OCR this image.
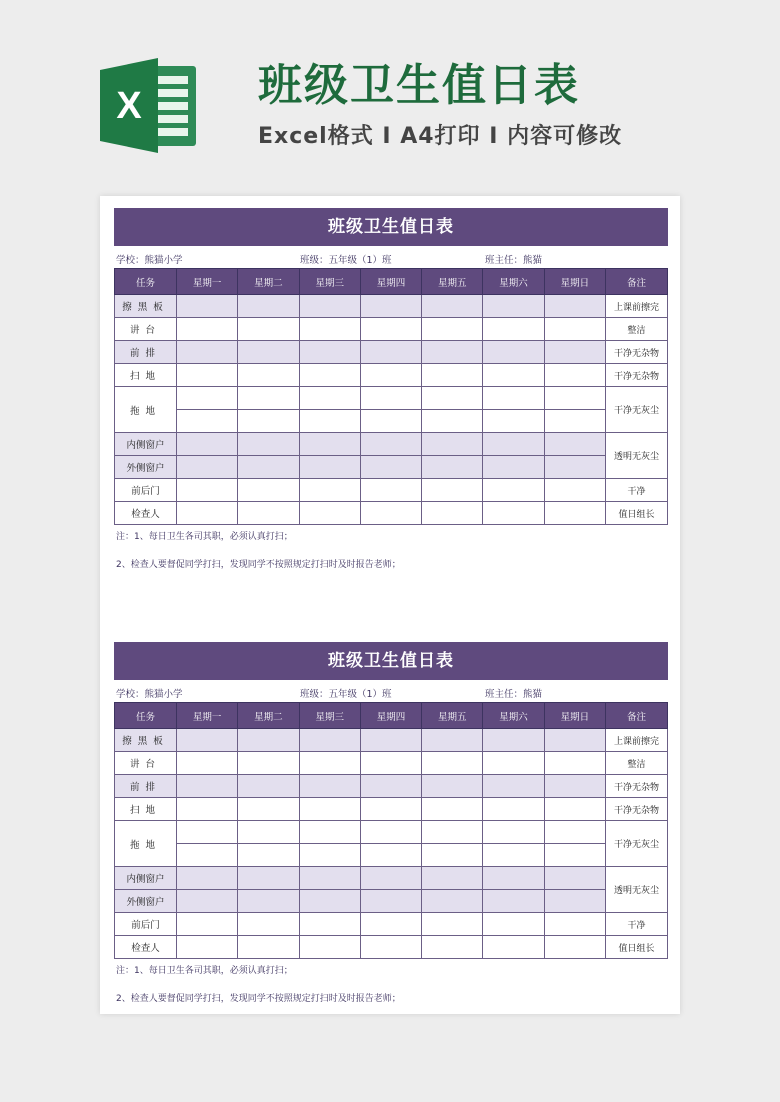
X	班级卫生值日表
Excel格式 I A4打印 I 内容可修改
班级卫生值日表
学校：熊猫小学	班级：五年级（1）班	班主任：熊猫
任务	星期一	星期二	星期三	星期四	星期五	星期六	星期日	备注
擦黑板								上课前擦完
讲台								整洁
前排								干净无杂物
扫地								干净无杂物
拖地								干净无灰尘

内侧窗户								透明无灰尘
外侧窗户								
前后门								干净
检查人								值日组长

注：1、每日卫生各司其职，必须认真打扫；

2、检查人要督促同学打扫，发现同学不按照规定打扫时及时报告老师；

班级卫生值日表
学校：熊猫小学	班级：五年级（1）班	班主任：熊猫
任务	星期一	星期二	星期三	星期四	星期五	星期六	星期日	备注
擦黑板								上课前擦完
讲台								整洁
前排								干净无杂物
扫地								干净无杂物
拖地								干净无灰尘

内侧窗户								透明无灰尘
外侧窗户								
前后门								干净
检查人								值日组长

注：1、每日卫生各司其职，必须认真打扫；

2、检查人要督促同学打扫，发现同学不按照规定打扫时及时报告老师；
